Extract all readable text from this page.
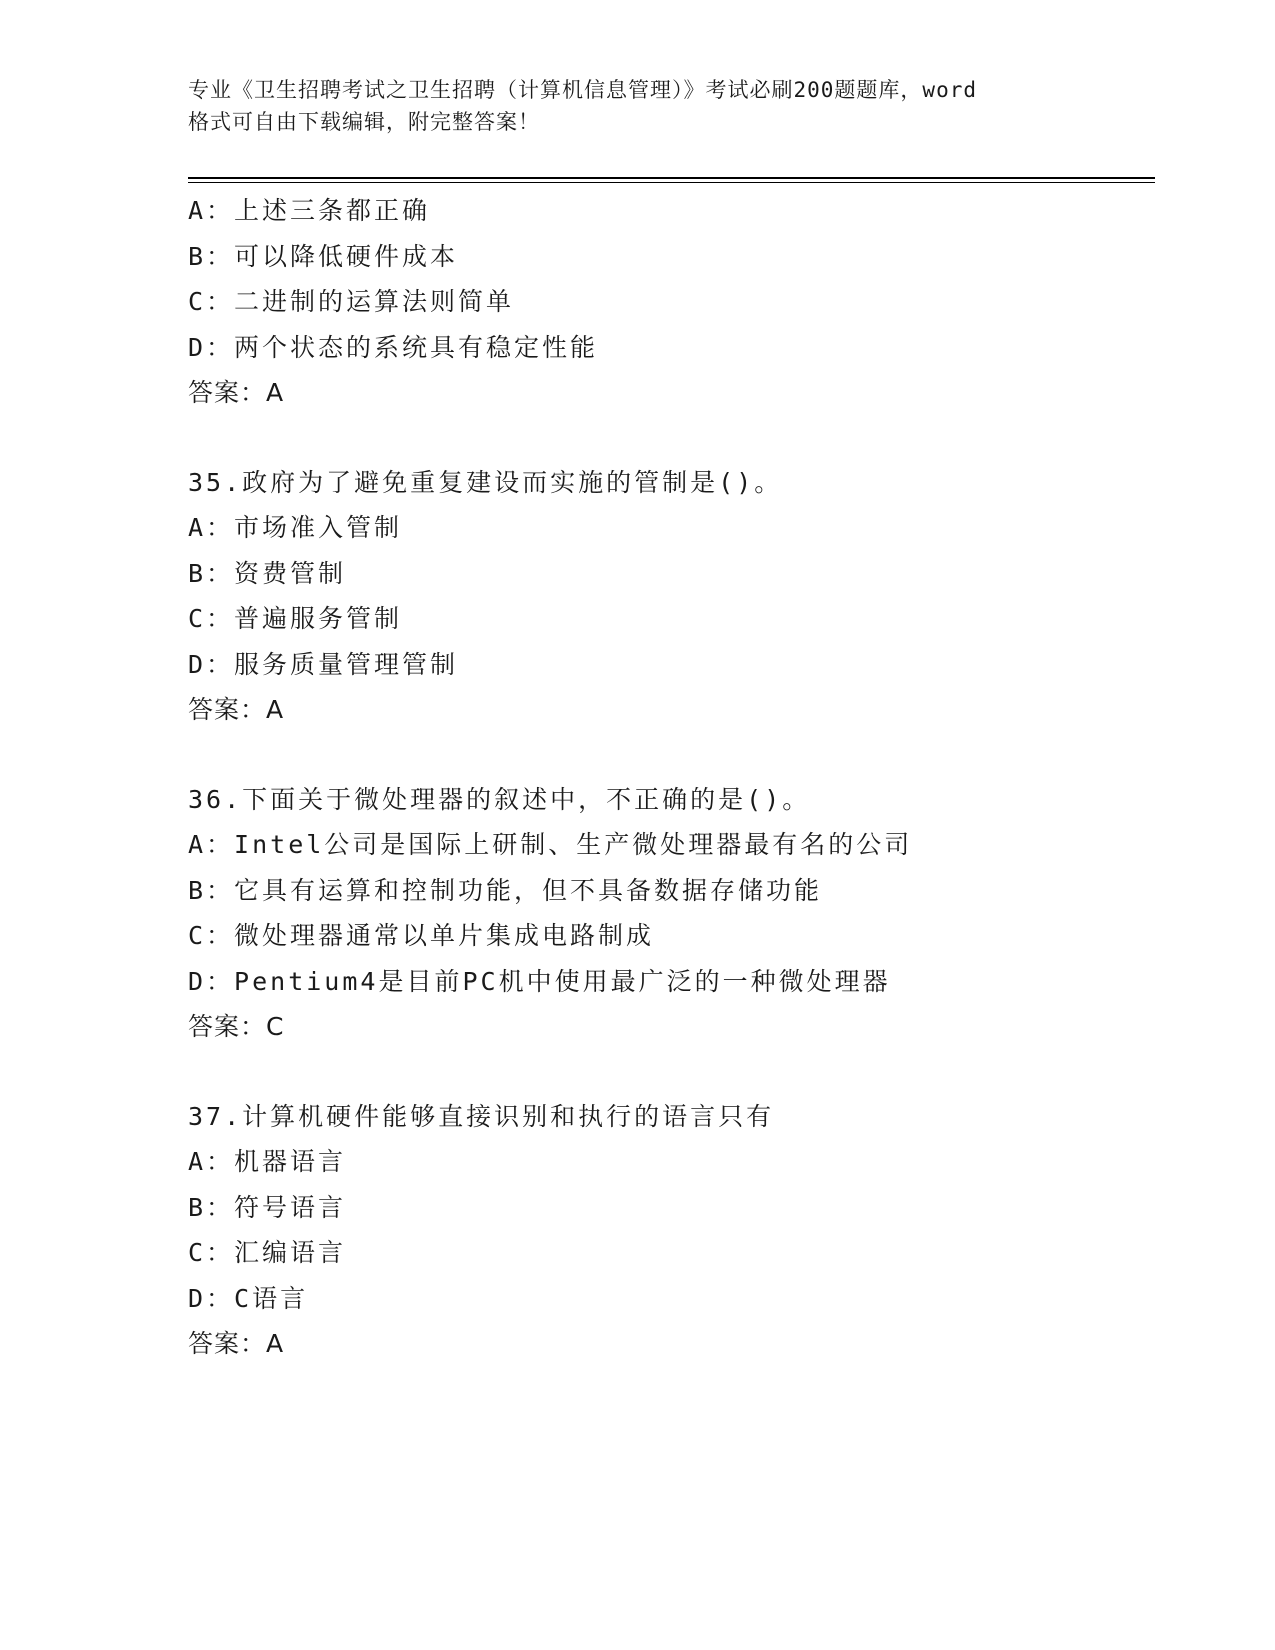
专业《卫生招聘考试之卫生招聘（计算机信息管理）》考试必刷200题题库，word
格式可自由下载编辑，附完整答案！
A：上述三条都正确
B：可以降低硬件成本
C：二进制的运算法则简单
D：两个状态的系统具有稳定性能
答案：A
35.政府为了避免重复建设而实施的管制是()。
A：市场准入管制
B：资费管制
C：普遍服务管制
D：服务质量管理管制
答案：A
36.下面关于微处理器的叙述中，不正确的是()。
A：Intel公司是国际上研制、生产微处理器最有名的公司
B：它具有运算和控制功能，但不具备数据存储功能
C：微处理器通常以单片集成电路制成
D：Pentium4是目前PC机中使用最广泛的一种微处理器
答案：C
37.计算机硬件能够直接识别和执行的语言只有
A：机器语言
B：符号语言
C：汇编语言
D：C语言
答案：A
